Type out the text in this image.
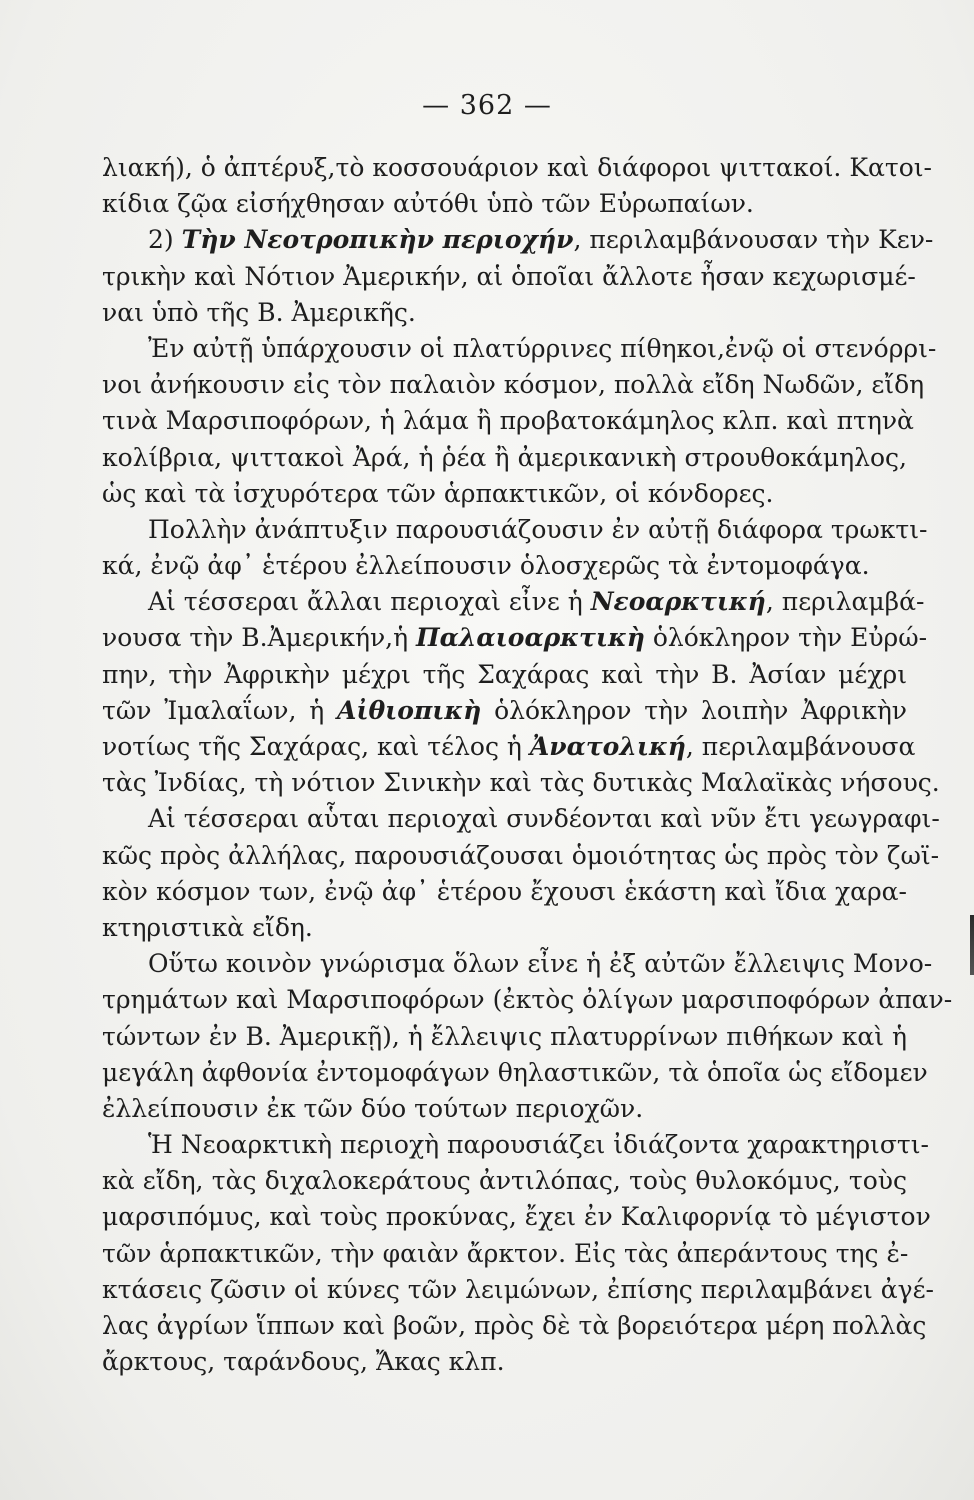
— 362 —
λιακή), ὁ ἀπτέρυξ,τὸ κοσσουάριον καὶ διάφοροι ψιττακοί. Κατοι-
κίδια ζῷα εἰσήχθησαν αὐτόθι ὑπὸ τῶν Εὐρωπαίων.
2) Τὴν Νεοτροπικὴν περιοχήν, περιλαμβάνουσαν τὴν Κεν-
τρικὴν καὶ Νότιον Ἀμερικήν, αἱ ὁποῖαι ἄλλοτε ἦσαν κεχωρισμέ-
ναι ὑπὸ τῆς Β. Ἀμερικῆς.
Ἐν αὐτῇ ὑπάρχουσιν οἱ πλατύρρινες πίθηκοι,ἐνῷ οἱ στενόρρι-
νοι ἀνήκουσιν εἰς τὸν παλαιὸν κόσμον, πολλὰ εἴδη Νωδῶν, εἴδη
τινὰ Μαρσιποφόρων, ἡ λάμα ἢ προβατοκάμηλος κλπ. καὶ πτηνὰ
κολίβρια, ψιττακοὶ Ἀρά, ἡ ῥέα ἢ ἀμερικανικὴ στρουθοκάμηλος,
ὡς καὶ τὰ ἰσχυρότερα τῶν ἁρπακτικῶν, οἱ κόνδορες.
Πολλὴν ἀνάπτυξιν παρουσιάζουσιν ἐν αὐτῇ διάφορα τρωκτι-
κά, ἐνῷ ἀφ᾽ ἑτέρου ἐλλείπουσιν ὁλοσχερῶς τὰ ἐντομοφάγα.
Αἱ τέσσεραι ἄλλαι περιοχαὶ εἶνε ἡ Νεοαρκτική, περιλαμβά-
νουσα τὴν Β.Ἀμερικήν,ἡ Παλαιοαρκτικὴ ὁλόκληρον τὴν Εὐρώ-
πην, τὴν Ἀφρικὴν μέχρι τῆς Σαχάρας καὶ τὴν Β. Ἀσίαν μέχρι
τῶν Ἰμαλαΐων, ἡ Αἰθιοπικὴ ὁλόκληρον τὴν λοιπὴν Ἀφρικὴν
νοτίως τῆς Σαχάρας, καὶ τέλος ἡ Ἀνατολική, περιλαμβάνουσα
τὰς Ἰνδίας, τὴ νότιον Σινικὴν καὶ τὰς δυτικὰς Μαλαϊκὰς νήσους.
Αἱ τέσσεραι αὗται περιοχαὶ συνδέονται καὶ νῦν ἔτι γεωγραφι-
κῶς πρὸς ἀλλήλας, παρουσιάζουσαι ὁμοιότητας ὡς πρὸς τὸν ζωϊ-
κὸν κόσμον των, ἐνῷ ἀφ᾽ ἑτέρου ἔχουσι ἑκάστη καὶ ἴδια χαρα-
κτηριστικὰ εἴδη.
Οὕτω κοινὸν γνώρισμα ὅλων εἶνε ἡ ἐξ αὐτῶν ἔλλειψις Μονο-
τρημάτων καὶ Μαρσιποφόρων (ἐκτὸς ὀλίγων μαρσιποφόρων ἀπαν-
τώντων ἐν Β. Ἀμερικῇ), ἡ ἔλλειψις πλατυρρίνων πιθήκων καὶ ἡ
μεγάλη ἀφθονία ἐντομοφάγων θηλαστικῶν, τὰ ὁποῖα ὡς εἴδομεν
ἐλλείπουσιν ἐκ τῶν δύο τούτων περιοχῶν.
Ἡ Νεοαρκτικὴ περιοχὴ παρουσιάζει ἰδιάζοντα χαρακτηριστι-
κὰ εἴδη, τὰς διχαλοκεράτους ἀντιλόπας, τοὺς θυλοκόμυς, τοὺς
μαρσιπόμυς, καὶ τοὺς προκύνας, ἔχει ἐν Καλιφορνίᾳ τὸ μέγιστον
τῶν ἁρπακτικῶν, τὴν φαιὰν ἄρκτον. Εἰς τὰς ἀπεράντους της ἐ-
κτάσεις ζῶσιν οἱ κύνες τῶν λειμώνων, ἐπίσης περιλαμβάνει ἀγέ-
λας ἀγρίων ἵππων καὶ βοῶν, πρὸς δὲ τὰ βορειότερα μέρη πολλὰς
ἄρκτους, ταράνδους, Ἄκας κλπ.
